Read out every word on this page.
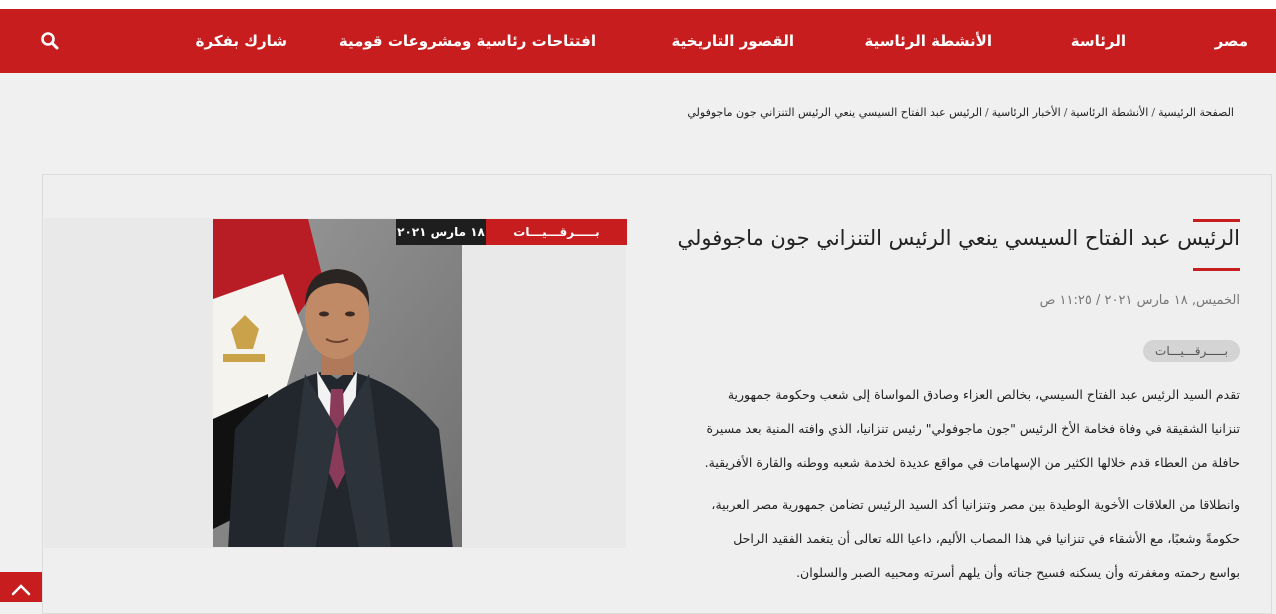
مصر
الرئاسة
الأنشطة الرئاسية
القصور التاريخية
افتتاحات رئاسية ومشروعات قومية
شارك بفكرة
الصفحة الرئيسية/الأنشطة الرئاسية/الأخبار الرئاسية/الرئيس عبد الفتاح السيسي ينعي الرئيس التنزاني جون ماجوفولي
الرئيس عبد الفتاح السيسي ينعي الرئيس التنزاني جون ماجوفولي
الخميس, ١٨ مارس ٢٠٢١ / ١١:٢٥ ص
بـــــرقـــيـــات

تقدم السيد الرئيس عبد الفتاح السيسي، بخالص العزاء وصادق المواساة إلى شعب وحكومة جمهورية

تنزانيا الشقيقة في وفاة فخامة الأخ الرئيس "جون ماجوفولي" رئيس تنزانيا، الذي وافته المنية بعد مسيرة

حافلة من العطاء قدم خلالها الكثير من الإسهامات في مواقع عديدة لخدمة شعبه ووطنه والقارة الأفريقية.

وانطلاقا من العلاقات الأخوية الوطيدة بين مصر وتنزانيا أكد السيد الرئيس تضامن جمهورية مصر العربية،

حكومةً وشعبًا، مع الأشقاء في تنزانيا في هذا المصاب الأليم، داعيا الله تعالى أن يتغمد الفقيد الراحل

بواسع رحمته ومغفرته وأن يسكنه فسيح جناته وأن يلهم أسرته ومحبيه الصبر والسلوان.

١٨ مارس ٢٠٢١	بـــــرقـــيـــات
